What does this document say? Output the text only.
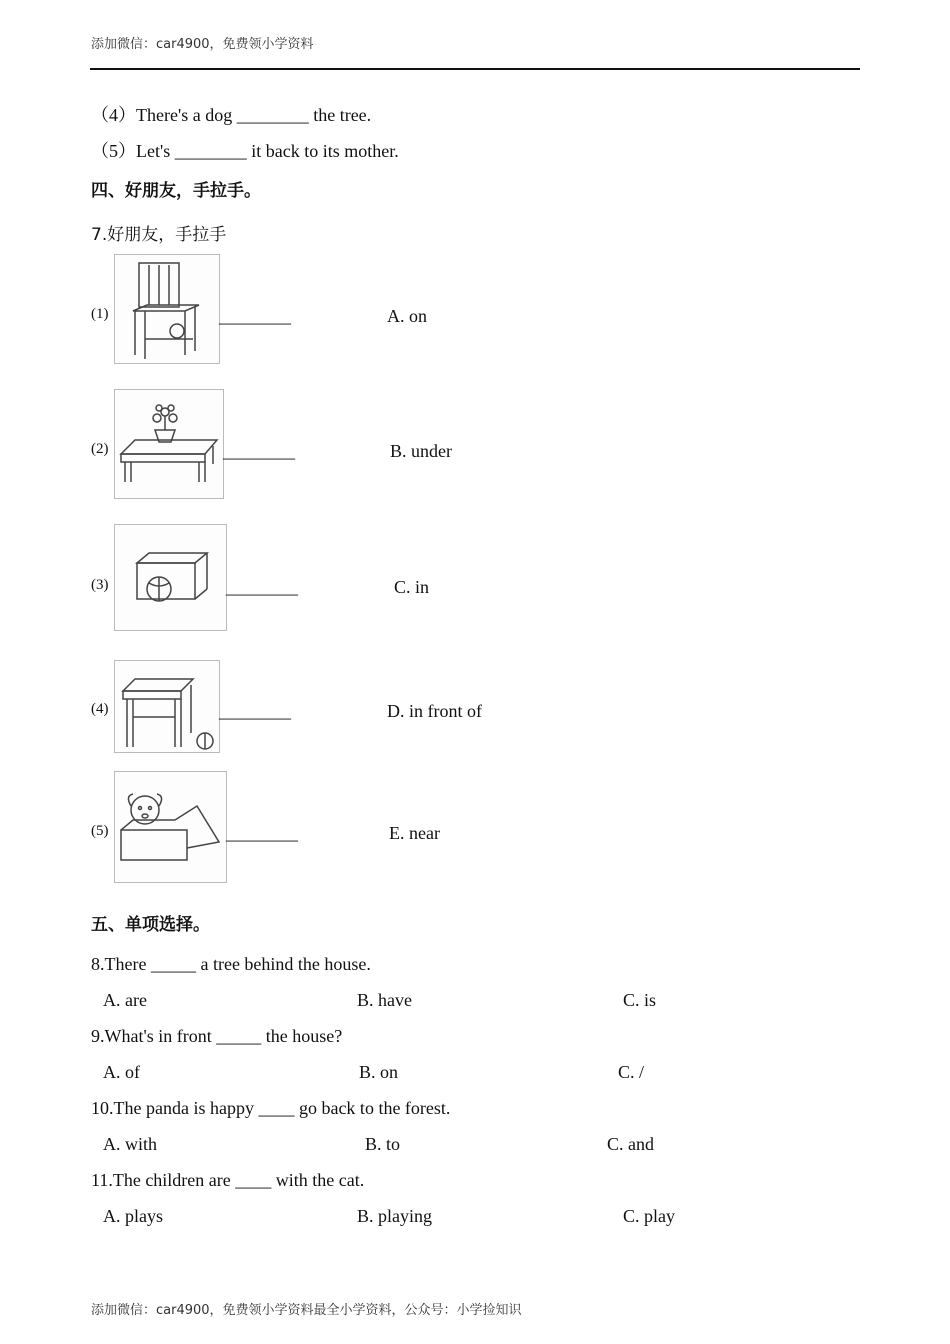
添加微信：car4900，免费领小学资料
（4）There's a dog ________ the tree.
（5）Let's ________ it back to its mother.
四、好朋友，手拉手。
7.好朋友，手拉手
(1)	________	A. on
(2)	________	B. under
(3)	________	C. in
(4)	________	D. in front of
(5)	________	E. near
五、单项选择。
8.There _____ a tree behind the house.
A. are	B. have	C. is
9.What's in front _____ the house?
A. of	B. on	C. /
10.The panda is happy ____ go back to the forest.
A. with	B. to	C. and
11.The children are ____ with the cat.
A. plays	B. playing	C. play
添加微信：car4900，免费领小学资料最全小学资料，公众号：小学捡知识
